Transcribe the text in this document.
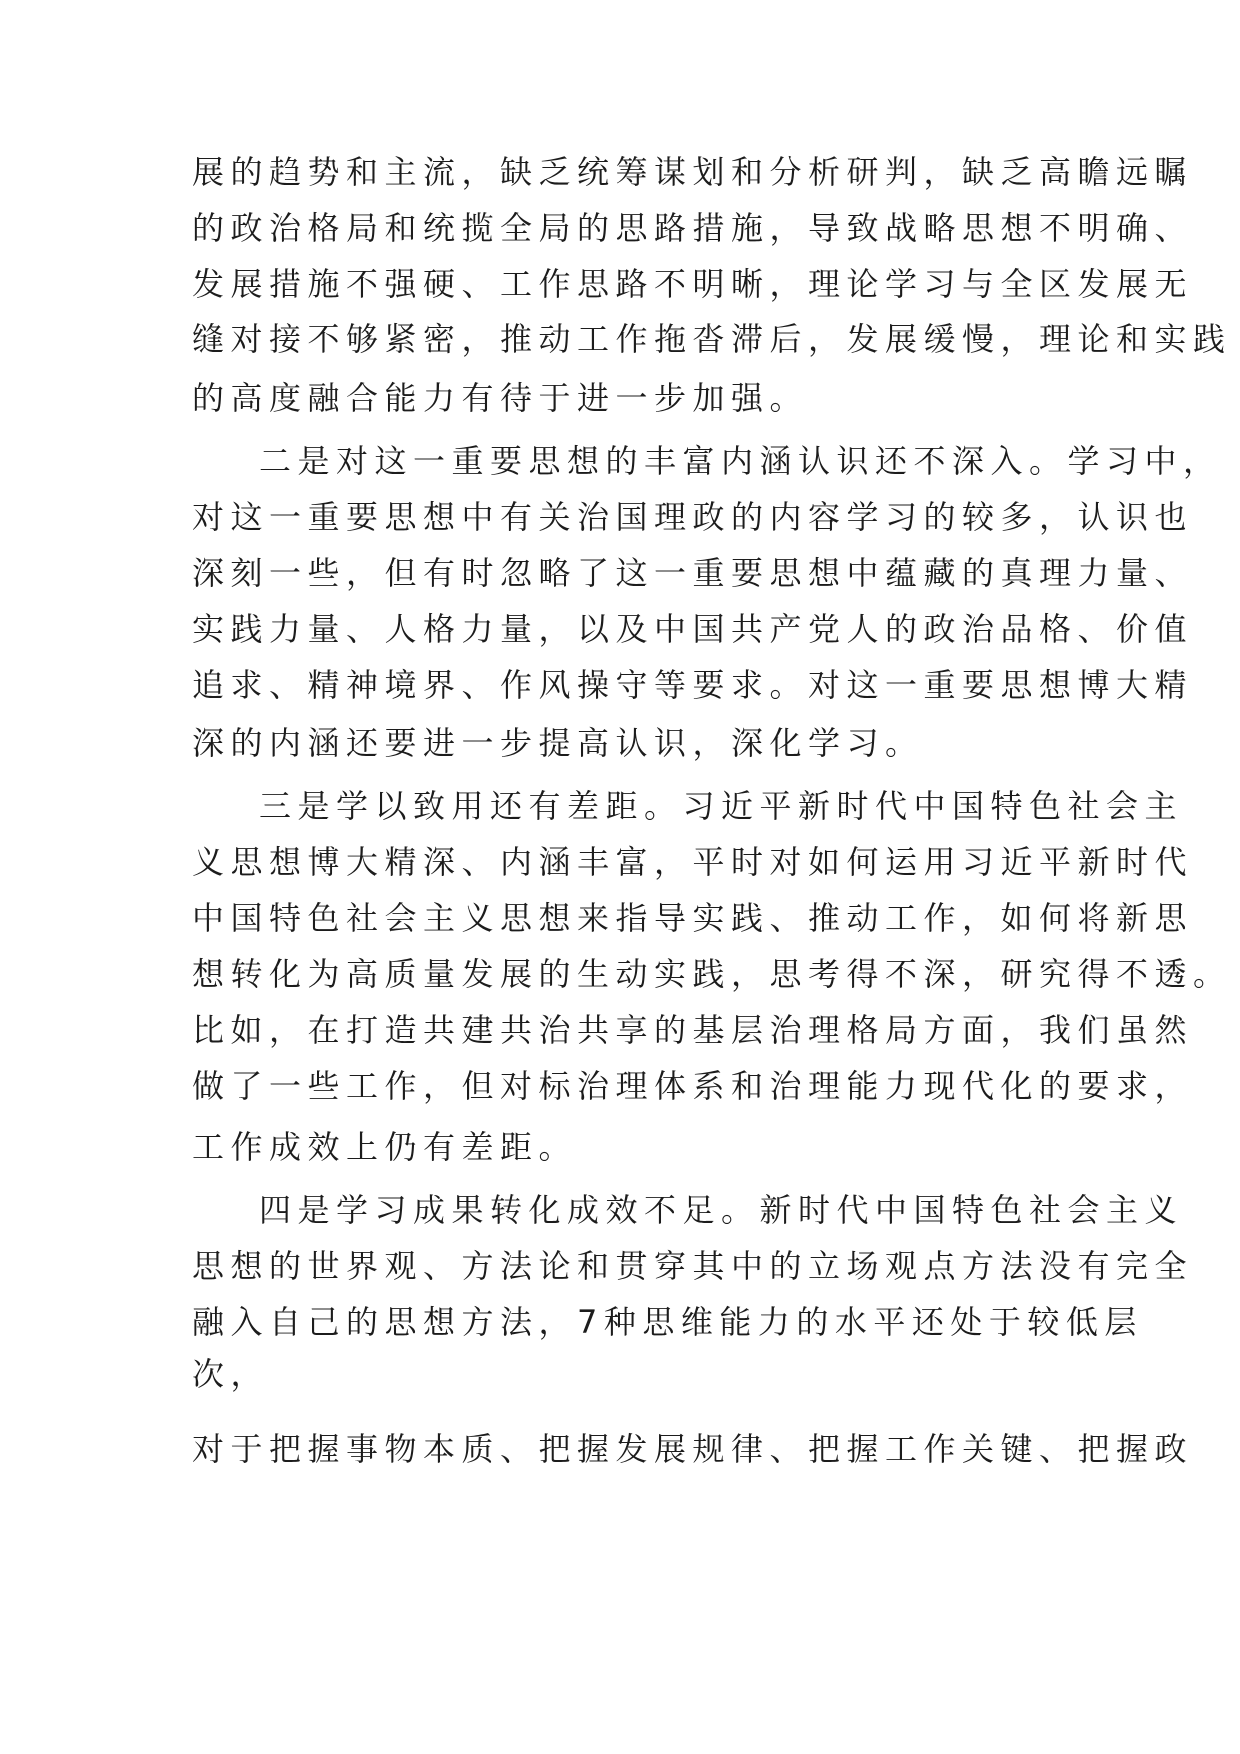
展的趋势和主流，缺乏统筹谋划和分析研判，缺乏高瞻远瞩
的政治格局和统揽全局的思路措施，导致战略思想不明确、
发展措施不强硬、工作思路不明晰，理论学习与全区发展无
缝对接不够紧密，推动工作拖沓滞后，发展缓慢，理论和实践
的高度融合能力有待于进一步加强。
二是对这一重要思想的丰富内涵认识还不深入。学习中，
对这一重要思想中有关治国理政的内容学习的较多，认识也
深刻一些，但有时忽略了这一重要思想中蕴藏的真理力量、
实践力量、人格力量，以及中国共产党人的政治品格、价值
追求、精神境界、作风操守等要求。对这一重要思想博大精
深的内涵还要进一步提高认识，深化学习。
三是学以致用还有差距。习近平新时代中国特色社会主
义思想博大精深、内涵丰富，平时对如何运用习近平新时代
中国特色社会主义思想来指导实践、推动工作，如何将新思
想转化为高质量发展的生动实践，思考得不深，研究得不透。
比如，在打造共建共治共享的基层治理格局方面，我们虽然
做了一些工作，但对标治理体系和治理能力现代化的要求，
工作成效上仍有差距。
四是学习成果转化成效不足。新时代中国特色社会主义
思想的世界观、方法论和贯穿其中的立场观点方法没有完全
融入自己的思想方法，7种思维能力的水平还处于较低层
次，
对于把握事物本质、把握发展规律、把握工作关键、把握政
